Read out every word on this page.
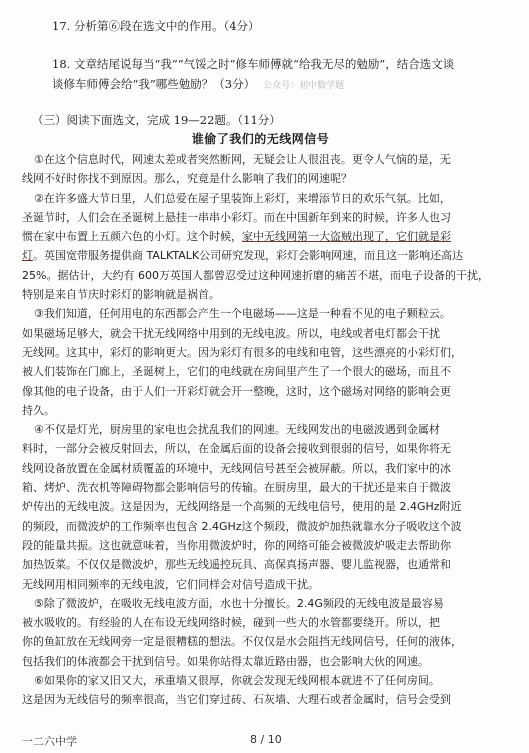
17. 分析第⑥段在选文中的作用。（4分）

18. 文章结尾说每当“我”“气馁之时”修车师傅就“给我无尽的勉励”，结合选文谈

谈修车师傅会给“我”哪些勉励？（3分） 公众号：初中数学题

（三）阅读下面选文，完成 19—22题。（11分）
谁偷了我们的无线网信号
①在这个信息时代，网速太差或者突然断网，无疑会让人很沮丧。更令人气恼的是，无
线网不好时你找不到原因。那么，究竟是什么影响了我们的网速呢？
②在许多盛大节日里，人们总爱在屋子里装饰上彩灯，来增添节日的欢乐气氛。比如，
圣诞节时，人们会在圣诞树上悬挂一串串小彩灯。而在中国新年到来的时候，许多人也习
惯在家中布置上五颜六色的小灯。这个时候，家中无线网第一大盗贼出现了，它们就是彩
灯。英国宽带服务提供商 TALKTALK公司研究发现，彩灯会影响网速，而且这一影响还高达
25%。据估计，大约有 600万英国人都曾忍受过这种网速折磨的痛苦不堪，而电子设备的干扰，
特别是来自节庆时彩灯的影响就是祸首。
③我们知道，任何用电的东西都会产生一个电磁场——这是一种看不见的电子颗粒云。
如果磁场足够大，就会干扰无线网络中用到的无线电波。所以，电线或者电灯都会干扰
无线网。这其中，彩灯的影响更大。因为彩灯有很多的电线和电管，这些漂亮的小彩灯们，
被人们装饰在门廊上，圣诞树上，它们的电线就在房间里产生了一个很大的磁场，而且不
像其他的电子设备，由于人们一开彩灯就会开一整晚，这时，这个磁场对网络的影响会更
持久。
④不仅是灯光，厨房里的家电也会扰乱我们的网速。无线网发出的电磁波遇到金属材
料时，一部分会被反射回去，所以，在金属后面的设备会接收到很弱的信号，如果你将无
线网设备放置在金属材质覆盖的环境中，无线网信号甚至会被屏蔽。所以，我们家中的冰
箱、烤炉、洗衣机等障碍物都会影响信号的传输。在厨房里，最大的干扰还是来自于微波
炉传出的无线电波。这是因为，无线网络是一个高频的无线电信号，使用的是 2.4GHz附近
的频段，而微波炉的工作频率也包含 2.4GHz这个频段，微波炉加热就靠水分子吸收这个波
段的能量共振。这也就意味着，当你用微波炉时，你的网络可能会被微波炉吸走去帮助你
加热饭菜。不仅仅是微波炉，那些无线遥控玩具、高保真扬声器、婴儿监视器，也通常和
无线网用相同频率的无线电波，它们同样会对信号造成干扰。
⑤除了微波炉，在吸收无线电波方面，水也十分擅长。2.4G频段的无线电波是最容易
被水吸收的。有经验的人在布设无线网络时候，碰到一些大的水管都要绕开。所以，把
你的鱼缸放在无线网旁一定是很糟糕的想法。不仅仅是水会阻挡无线网信号，任何的液体，
包括我们的体液都会干扰到信号。如果你站得太靠近路由器，也会影响大伙的网速。
⑥如果你的家又旧又大，承重墙又很厚，你就会发现无线网根本就进不了任何房间。
这是因为无线信号的频率很高，当它们穿过砖、石灰墙、大理石或者金属时，信号会受到
一二六中学	8 / 10
